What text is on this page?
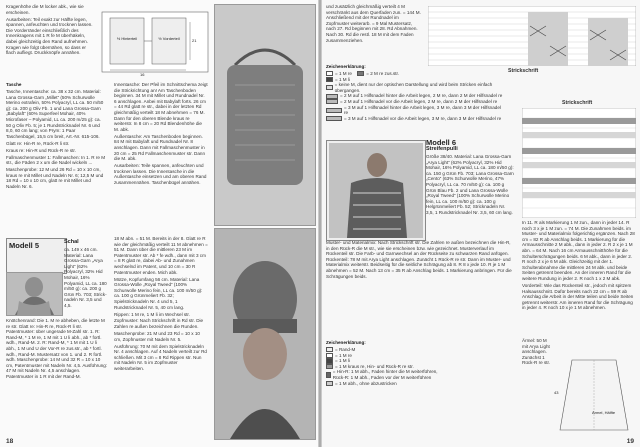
Kragenhöhe die M locker abk., wie sie erscheinen.

Ausarbeiten: Teil exakt zur Hälfte legen, spannen, anfeuchten und trocknen lassen. Die Vorderränder einschließlich des Innenkragens mit 1 R fe M überhäkeln, dabei gleichzeitig den Rand aufnehmen. Kragen wie folgt übernähen, so dass er flach aufliegt. Druckknöpfe annähen.

½ Hinterteil	½ Vorderteil
16
21

Tasche

Tasche, Innentasche: ca. 38 x 32 cm. Material: Lana Grossa-Garn „Millet“ (50% Schurwolle Merino extrafein, 50% Polyacryl, LL ca. 50 m/50 g): ca. 200 g Oliv Fb. 1 und Lana Grossa-Garn „Babylaft“ (60% Superfeel Mohair, 40% Microfaser – Polyamid, LL ca. 200 m/25 g): ca. 50 g Oliv Fb. 5; je 1 Rundstricknadel Nr. 6 und 8,0, 60 cm lang; von Prym: 1 Paar Taschenbügel, 15,5 cm breit, Art.-Nr. 615-106.

Glatt re: Hin-R re, Rück-R li str.

Kraus re: Hin-R und Rück-R re str.

Fallmaschenmuster 1: Fallmaschen: In 1. R re M str., die Fäden 2 x um die Nadel wickeln ...

Maschenprobe: 12 M und 26 Rd = 10 x 10 cm, kraus re mit Millet und Nadeln Nr. 6; 12,5 M und 18 Rd = 10 x 10 cm, glatt re mit Millet und Nadeln Nr. 6.

Modell 5	Schal

ca. 149 x 46 cm. Material: Lana Grossa-Garn „Arya Light“ (62% Polyacryl, 32% Hid Mohair, 16% Polyamid, LL ca. 180 m/50 g): ca. 200 g Grün Fb. 703; Strick-nadeln Nr. 3,5 und 4,5.

Knötchenrand: Die 1. M re abheben, die letzte M re str. Glatt re: Hin-R re, Rück-R li str. Patentmuster: über ungerade M-Zahl str. 1. R: Rand-M, * 1 M re, 1 M mit 1 U li abh., ab * fortl. wdh., Rand-M. 2. R: Rand-M, * 1 M mit 1 U li abh., 1 M und U der Vor-R re zus.str., ab * fortl. wdh., Rand-M. Mustersatz von 1. und 2. R fortl. wdh. Maschenprobe: 14 M und 32 R = 10 x 10 cm, Patentmuster mit Nadeln Nr. 4,5. Ausführung: 47 M mit Nadeln Nr. 4,5 anschlagen. Patentmuster in 1 R mit der Rand-M.

Innentasche: Der Pfeil im Schnittschema zeigt die Strickrichtung an! Am Taschenboden beginnen. 34 M mit Millet und Rundnadel Nr. 6 anschlagen. Anbei mit Babylaft forts. 26 cm = 44 Rd glatt re str., dabei in der letzten Rd gleichmäßig verteilt 18 M abnehmen = 76 M. Dann für den oberen Blende kraus re weiterstr. In 8 cm = 20 Rd Blendenhöhe die M. abk.

Außentasche: Am Taschenboden beginnen. 84 M mit Babylaft und Rundnadel Nr. 8 anschlagen. Dann mit Fallmaschenmuster in 20 cm = 25 Rd Fallmaschenmuster str. Dann die M. abk.

Ausarbeiten: Teile spannen, anfeuchten und trocknen lassen. Die Innentasche in die Außentasche einsetzen und am oberen Rand zusammennähen. Taschenbügel annähen.

18 M abn. = 51 M. Bereits in der 8. Glatt re R wie der gleichmäßig verteilt 11 M abnehmen = 51 M. Dann über die mittleren 23 M im Patentmuster str. Ab * fe wdh., dann mit 3 cm = 8 R glatt re, dabei Ab- und Zunahmen wechselnd im Patent, und 10 cm = 30 R Patentmuster enden. Mich abk.

Mütze, Kopfumfang 56 cm. Material: Lana Grossa-Wolle „Royal Tweed“ (100% Schurwolle Merino fein, LL ca. 100 m/50 g): ca. 100 g Grünmeliert Fb. 32; Spielstricknadeln Nr. 4 und 5, 1 Rundstricknadel Nr. 5, 40 cm lang.

Rippen: 1 M re, 1 M li im Wechsel str.

Zopfmuster: Nach Strickschrift in Rd str. Die Zahlen re außen bezeichnen die Runden.

Maschenprobe: 21 M und 23 Rd = 10 x 10 cm, Zopfmuster mit Nadeln Nr. 5.

Ausführung: 70 M mit dem Spielstricknadeln Nr. 4 anschlagen. Auf 4 Nadeln verteilt zur Rd schließen. Mit 3 cm = 8 Rd Rippen str. Nun mit Nadeln Nr. 5 im Zopfmuster weiterarbeiten.

18

und zusätzlich gleichmäßig verteilt 4 M verschränkt aus dem Querfaden zun. = 144 M. Anschließend mit der Rundnadel im Zopfmuster weiterarb. = 9 Mal Mustersatz, nach 27. Rd beginnen mit 28. Rd Abnahmen. Nach 30. Rd die restl. 18 M mit dem Faden zusammenziehen.

Strickschrift

Zeichenerklärung:

= 1 M re
	= 2 M re zus.str.
= 1 M li
= keine M, dient nur der optischen Darstellung und wird beim Stricken einfach übergangen.
= 2 M auf 1 Hilfsnadel hinter die Arbeit legen, 2 M re, dann 2 M der Hilfsnadel re
= 2 M auf 1 Hilfsnadel vor die Arbeit legen, 2 M re, dann 2 M der Hilfsnadel re
= 3 M auf 1 Hilfsnadel hinter die Arbeit legen, 3 M re, dann 3 M der Hilfsnadel re
= 3 M auf 1 Hilfsnadel vor die Arbeit legen, 3 M re, dann 3 M der Hilfsnadel re

Modell 6

Streifenpulli

Größe 38/40. Material: Lana Grossa-Garn „Arya Light“ (62% Polyacryl, 32% Hid Mohair, 16% Polyamid, LL ca. 180 m/50 g): ca. 150 g Grün Fb. 703; Lana Grossa-Garn „Cento“ (63% Schurwolle Merino, 47% Polyacryl, LL ca. 70 m/50 g): ca. 100 g Grün Blau Fb. 2 und Lana Grossa-Wolle „Royal Tweed“ (100% Schurwolle Merino fein, LL ca. 100 m/50 g): ca. 100 g Helgrünmeliert Fb. 52; Stricknadeln Nr. 3,5, 1 Rundstricknadel Nr. 3,5, 60 cm lang.

Muster- und Materialmix: Nach Strickschrift str. Die Zahlen re außen bezeichnen die Hin-R, in den Rück-R die M str., wie sie erscheinen bzw. wie gezeichnet. Musterverlauf im Rückenteil str. Die Farb- und Garnwechsel an der Rückseite zu schwarzen Rand anfügen. Rückenteil: 78 M mit Arya Light anschlagen. Zunächt 1 Rück-R re str. Dann im Muster- und Materialmix weiterstr. Beidseitig für die seitliche Schrägung ab 8. R 8 x jede 10. R je 1 M abnehmen = 52 M. Nach 13 cm = 35 R ab Anschlag beids. 1 Markierung anbringen. Für die Schrägungen beids.

Zeichenerklärung:

= Rand-M
= 1 M re
= 1 M li
= 1 M kraus re, Hin- und Rück-R re str.
= Hin-R: 1 M abh., Faden hinter die M weiterführen, Rück-R: 1 M abh., Faden vor der M weiterführen
= 1 M abh., ohne abzustricken
Strickschrift
Ärmel, Hälfte
43

In 11. R als Markierung 1 M zun., dann in jeder 14. R noch 3 x je 1 M zun. = 74 M. Die Zunahmen beids. im Muster- und Materialmix folgerichtig ergänzen. Nach 28 cm = 82 R ab Anschlag beids. 1 Markierung für die Armausschnitte 2 M abk., dann in jeder 2. R 2 x je 1 M abn. = 64 M. Nach 16 cm Armausschnitthöhe für die Schulterschrägungen beids. 6 M abk., dann in jeder 2. R noch 2 x je 6 M abk. Gleichzeitig mit der 1. Schulterabnahme die mittleren 24 M abk. und beide Seiten getrennt beenden. An der inneren Rand für die weitere Rundung in jeder 2. R noch 1 x 2 M abk.

Vorderteil: Wie das Rückenteil str., jedoch mit spitzem Halsausschnitt. Dafür bereits nach 22 cm = 59 R ab Anschlag die Arbeit in der Mitte teilen und beide Seiten getrennt weiterstr. Am inneren Rand für die Schrägung in jeder 4. R noch 10 x je 1 M abnehmen.

Ärmel: 50 M mit Arya Light anschlagen. Zunächst 1 Rück-R re str.

19
